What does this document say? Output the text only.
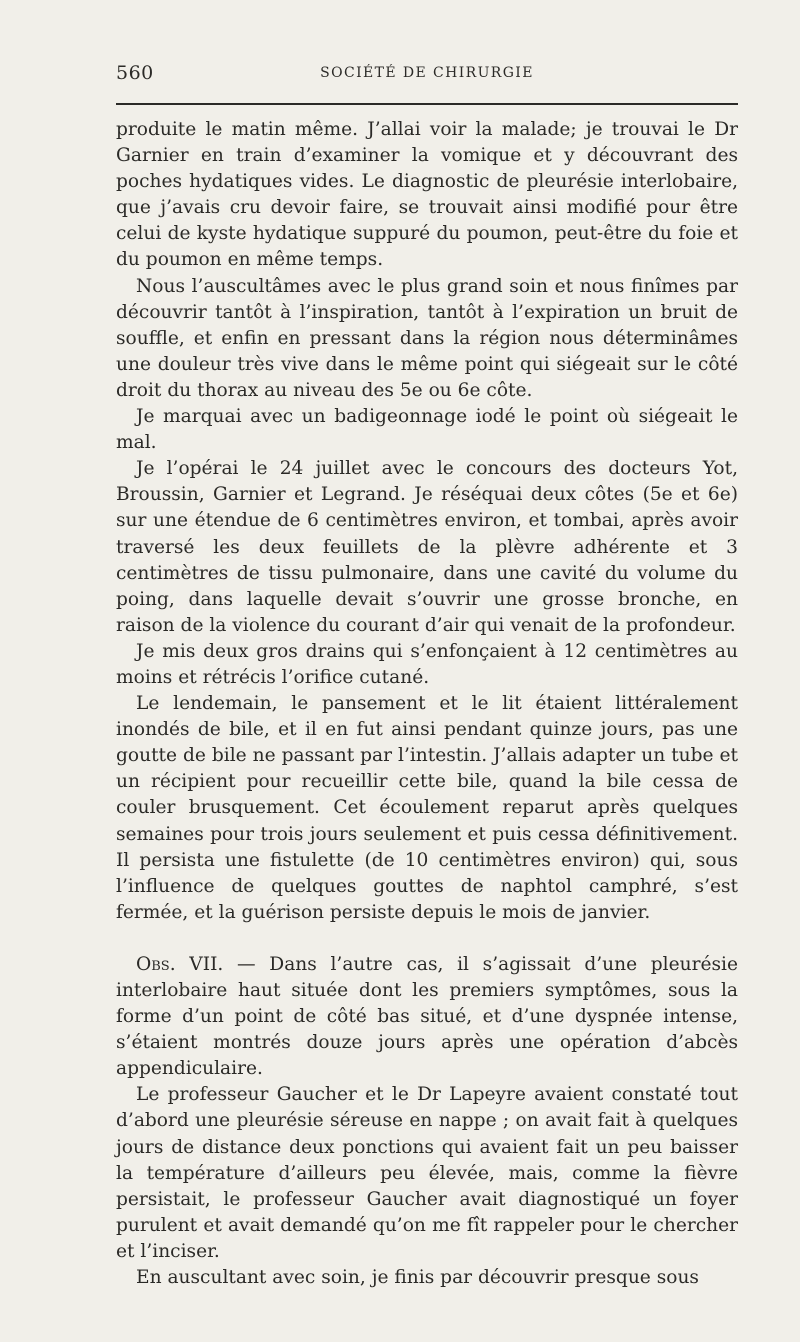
560	SOCIÉTÉ DE CHIRURGIE

produite le matin même. J’allai voir la malade; je trouvai le Dr Garnier en train d’examiner la vomique et y découvrant des poches hydatiques vides. Le diagnostic de pleurésie interlobaire, que j’avais cru devoir faire, se trouvait ainsi modifié pour être celui de kyste hydatique suppuré du poumon, peut-être du foie et du poumon en même temps.

Nous l’auscultâmes avec le plus grand soin et nous finîmes par découvrir tantôt à l’inspiration, tantôt à l’expiration un bruit de souffle, et enfin en pressant dans la région nous déterminâmes une douleur très vive dans le même point qui siégeait sur le côté droit du thorax au niveau des 5e ou 6e côte.

Je marquai avec un badigeonnage iodé le point où siégeait le mal.

Je l’opérai le 24 juillet avec le concours des docteurs Yot, Broussin, Garnier et Legrand. Je réséquai deux côtes (5e et 6e) sur une étendue de 6 centimètres environ, et tombai, après avoir traversé les deux feuillets de la plèvre adhérente et 3 centimètres de tissu pulmonaire, dans une cavité du volume du poing, dans laquelle devait s’ouvrir une grosse bronche, en raison de la violence du courant d’air qui venait de la profondeur.

Je mis deux gros drains qui s’enfonçaient à 12 centimètres au moins et rétrécis l’orifice cutané.

Le lendemain, le pansement et le lit étaient littéralement inondés de bile, et il en fut ainsi pendant quinze jours, pas une goutte de bile ne passant par l’intestin. J’allais adapter un tube et un récipient pour recueillir cette bile, quand la bile cessa de couler brusquement. Cet écoulement reparut après quelques semaines pour trois jours seulement et puis cessa définitivement. Il persista une fistulette (de 10 centimètres environ) qui, sous l’influence de quelques gouttes de naphtol camphré, s’est fermée, et la guérison persiste depuis le mois de janvier.

Obs. VII. — Dans l’autre cas, il s’agissait d’une pleurésie interlobaire haut située dont les premiers symptômes, sous la forme d’un point de côté bas situé, et d’une dyspnée intense, s’étaient montrés douze jours après une opération d’abcès appendiculaire.

Le professeur Gaucher et le Dr Lapeyre avaient constaté tout d’abord une pleurésie séreuse en nappe ; on avait fait à quelques jours de distance deux ponctions qui avaient fait un peu baisser la température d’ailleurs peu élevée, mais, comme la fièvre persistait, le professeur Gaucher avait diagnostiqué un foyer purulent et avait demandé qu’on me fît rappeler pour le chercher et l’inciser.

En auscultant avec soin, je finis par découvrir presque sous
